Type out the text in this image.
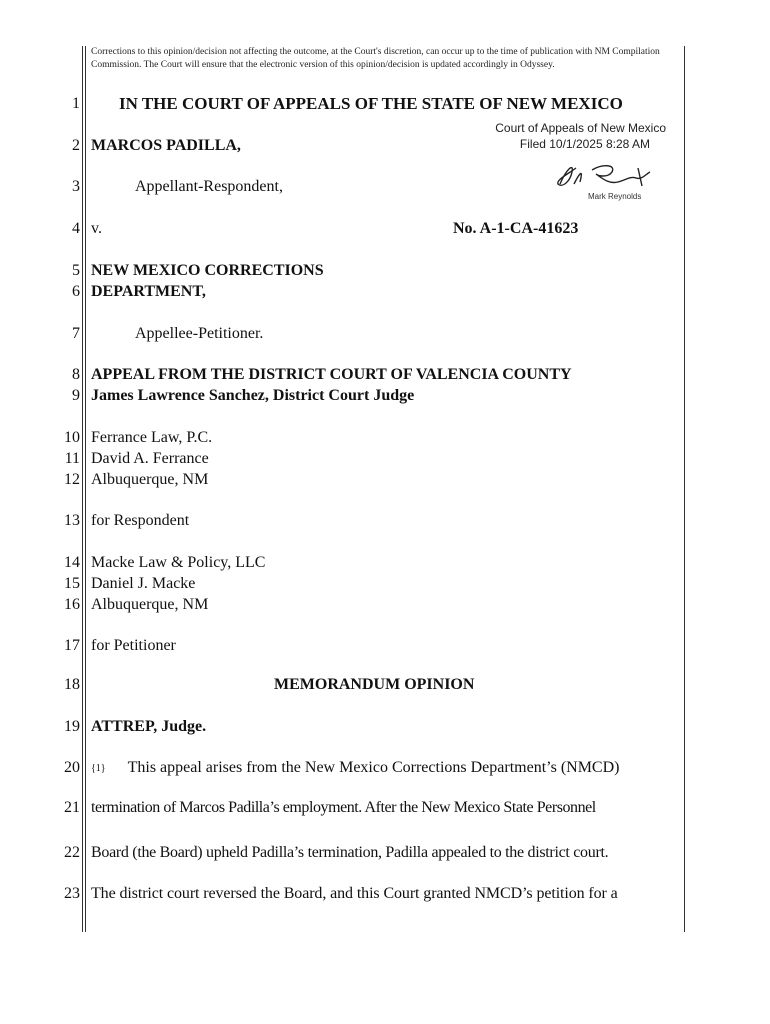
Corrections to this opinion/decision not affecting the outcome, at the Court's discretion, can occur up to the time of publication with NM Compilation Commission. The Court will ensure that the electronic version of this opinion/decision is updated accordingly in Odyssey.
1
2
3
4
5
6
7
8
9
10
11
12
13
14
15
16
17
18
19
20
21
22
23
IN THE COURT OF APPEALS OF THE STATE OF NEW MEXICO
Court of Appeals of New Mexico
Filed 10/1/2025 8:28 AM
Mark Reynolds
MARCOS PADILLA,
Appellant-Respondent,
v.	No. A-1-CA-41623
NEW MEXICO CORRECTIONS
DEPARTMENT,
Appellee-Petitioner.
APPEAL FROM THE DISTRICT COURT OF VALENCIA COUNTY
James Lawrence Sanchez, District Court Judge
Ferrance Law, P.C.
David A. Ferrance
Albuquerque, NM
for Respondent
Macke Law & Policy, LLC
Daniel J. Macke
Albuquerque, NM
for Petitioner
MEMORANDUM OPINION
ATTREP, Judge.
{1} This appeal arises from the New Mexico Corrections Department’s (NMCD)
termination of Marcos Padilla’s employment. After the New Mexico State Personnel
Board (the Board) upheld Padilla’s termination, Padilla appealed to the district court.
The district court reversed the Board, and this Court granted NMCD’s petition for a
